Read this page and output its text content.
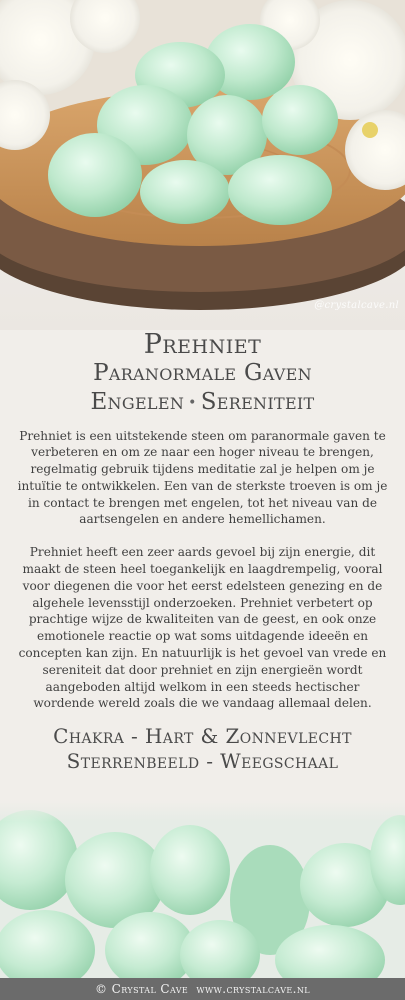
@crystalcave.nl
Prehniet
Paranormale Gaven
Engelen • Sereniteit

Prehniet is een uitstekende steen om paranormale gaven te verbeteren en om ze naar een hoger niveau te brengen, regelmatig gebruik tijdens meditatie zal je helpen om je intuïtie te ontwikkelen. Een van de sterkste troeven is om je in contact te brengen met engelen, tot het niveau van de aartsengelen en andere hemellichamen.

Prehniet heeft een zeer aards gevoel bij zijn energie, dit maakt de steen heel toegankelijk en laagdrempelig, vooral voor diegenen die voor het eerst edelsteen genezing en de algehele levensstijl onderzoeken. Prehniet verbetert op prachtige wijze de kwaliteiten van de geest, en ook onze emotionele reactie op wat soms uitdagende ideeën en concepten kan zijn. En natuurlijk is het gevoel van vrede en sereniteit dat door prehniet en zijn energieën wordt aangeboden altijd welkom in een steeds hectischer wordende wereld zoals die we vandaag allemaal delen.

Chakra - Hart & Zonnevlecht
Sterrenbeeld - Weegschaal
© Crystal Cave www.crystalcave.nl
